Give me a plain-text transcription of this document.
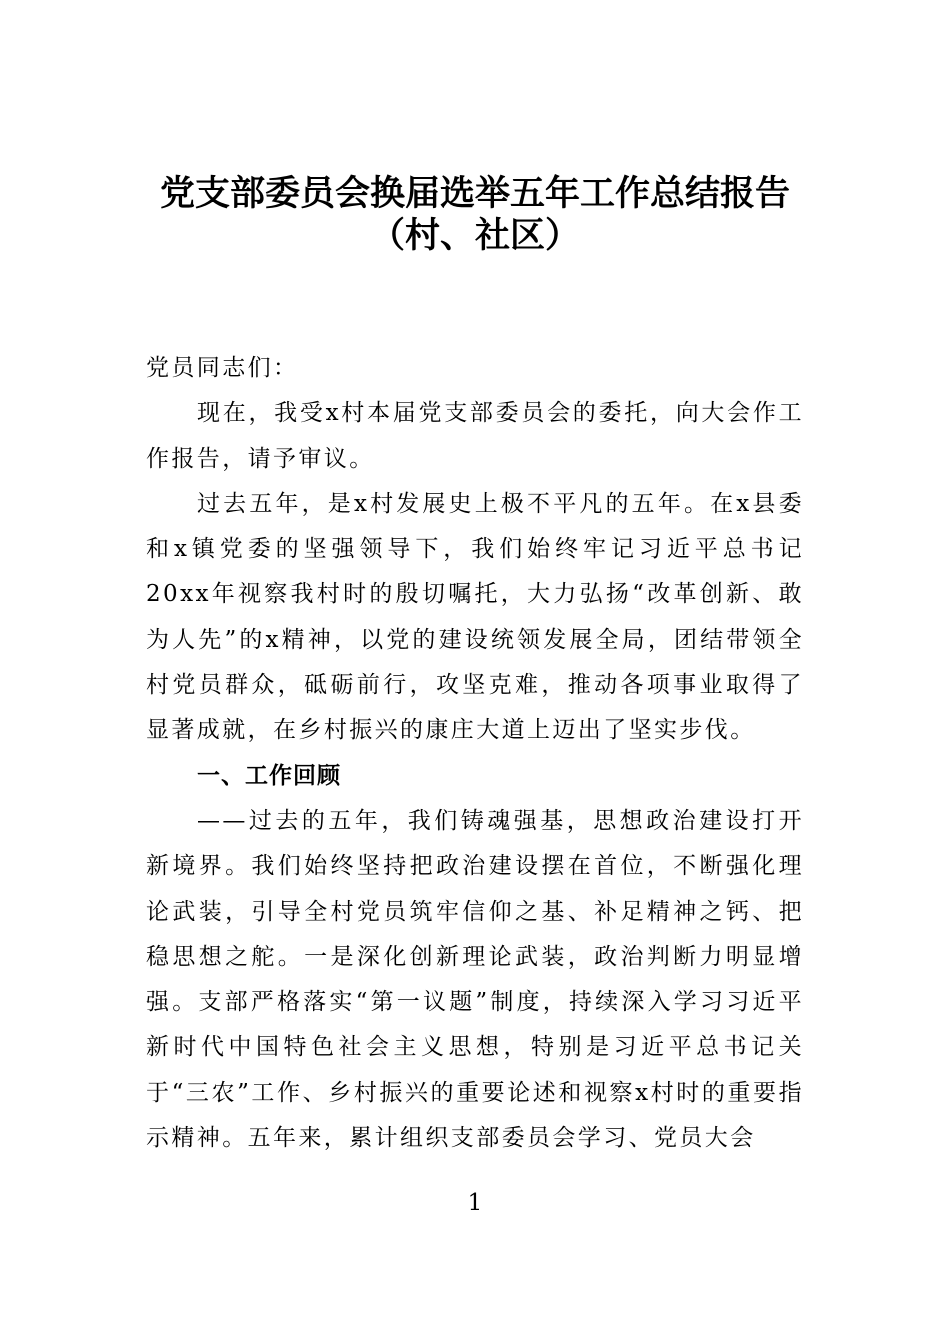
党支部委员会换届选举五年工作总结报告
（村、社区）

党员同志们：

现在，我受x村本届党支部委员会的委托，向大会作工作报告，请予审议。

过去五年，是x村发展史上极不平凡的五年。在x县委和x镇党委的坚强领导下，我们始终牢记习近平总书记20xx年视察我村时的殷切嘱托，大力弘扬“改革创新、敢为人先”的x精神，以党的建设统领发展全局，团结带领全村党员群众，砥砺前行，攻坚克难，推动各项事业取得了显著成就，在乡村振兴的康庄大道上迈出了坚实步伐。

一、工作回顾

——过去的五年，我们铸魂强基，思想政治建设打开新境界。我们始终坚持把政治建设摆在首位，不断强化理论武装，引导全村党员筑牢信仰之基、补足精神之钙、把稳思想之舵。一是深化创新理论武装，政治判断力明显增强。支部严格落实“第一议题”制度，持续深入学习习近平新时代中国特色社会主义思想，特别是习近平总书记关于“三农”工作、乡村振兴的重要论述和视察x村时的重要指示精神。五年来，累计组织支部委员会学习、党员大会

1
